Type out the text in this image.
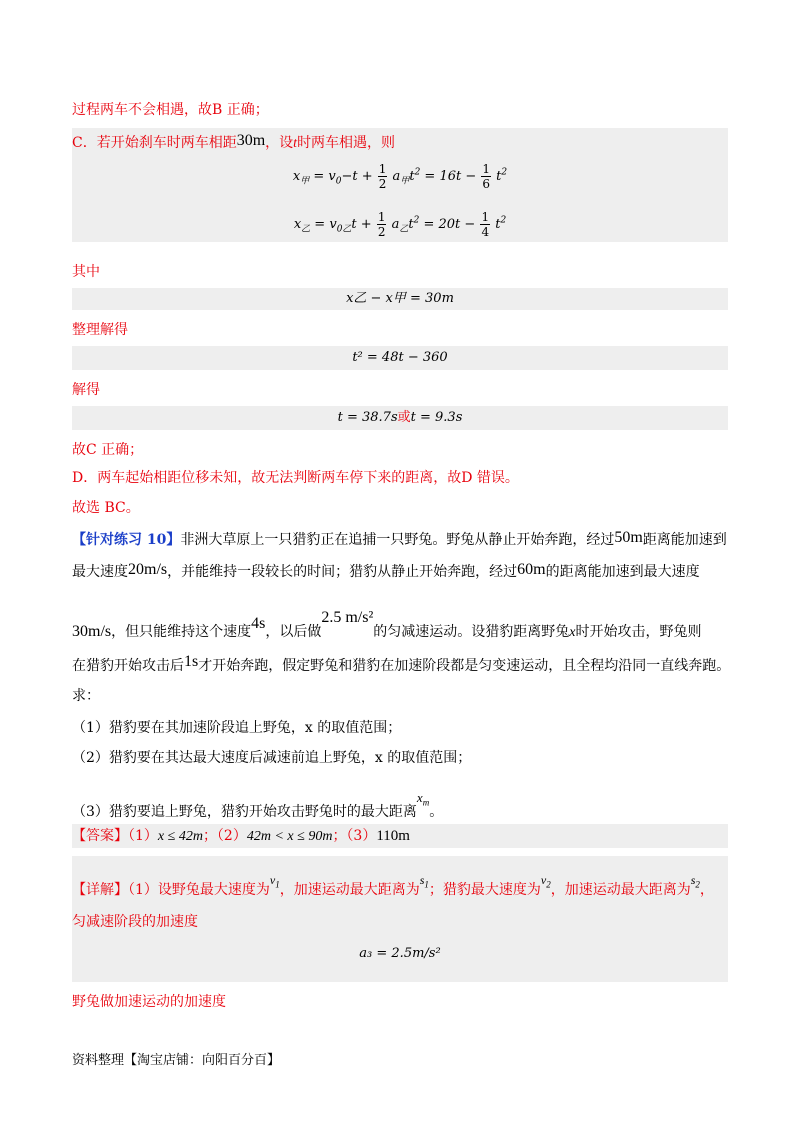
过程两车不会相遇，故B 正确；
C．若开始刹车时两车相距30m，设t时两车相遇，则
$x_甲 = v_0-t + \frac{1}{2} a_甲t^2 = 16t - \frac{1}{6} t^2$
$x_乙 = v_{0乙}t + \frac{1}{2} a_乙t^2 = 20t - \frac{1}{4} t^2$
其中
x乙 − x甲 = 30m
整理解得
t² = 48t − 360
解得
t = 38.7s或t = 9.3s
故C 正确；
D．两车起始相距位移未知，故无法判断两车停下来的距离，故D 错误。
故选 BC。
【针对练习 10】非洲大草原上一只猎豹正在追捕一只野兔。野兔从静止开始奔跑，经过50m距离能加速到
最大速度20m/s，并能维持一段较长的时间；猎豹从静止开始奔跑，经过60m的距离能加速到最大速度
30m/s，但只能维持这个速度4s，以后做2.5 m/s²的匀减速运动。设猎豹距离野兔x时开始攻击，野兔则
在猎豹开始攻击后1s才开始奔跑，假定野兔和猎豹在加速阶段都是匀变速运动，且全程均沿同一直线奔跑。
求：
（1）猎豹要在其加速阶段追上野兔，x 的取值范围；
（2）猎豹要在其达最大速度后减速前追上野兔，x 的取值范围；
（3）猎豹要追上野兔，猎豹开始攻击野兔时的最大距离$x_m$。
【答案】（1）x ≤ 42m；（2）42m < x ≤ 90m；（3）110m
【详解】（1）设野兔最大速度为$v_1$，加速运动最大距离为$s_1$；猎豹最大速度为$v_2$，加速运动最大距离为$s_2$，
匀减速阶段的加速度
a₃ = 2.5m/s²
野兔做加速运动的加速度
资料整理【淘宝店铺：向阳百分百】
